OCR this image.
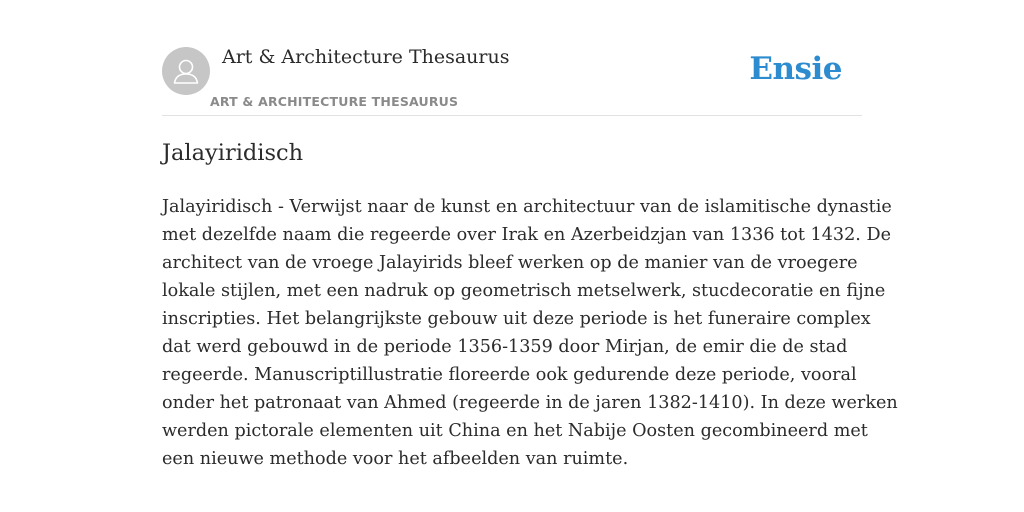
Art & Architecture Thesaurus
ART & ARCHITECTURE THESAURUS
Ensie
Jalayiridisch

Jalayiridisch - Verwijst naar de kunst en architectuur van de islamitische dynastie
met dezelfde naam die regeerde over Irak en Azerbeidzjan van 1336 tot 1432. De
architect van de vroege Jalayirids bleef werken op de manier van de vroegere
lokale stijlen, met een nadruk op geometrisch metselwerk, stucdecoratie en fijne
inscripties. Het belangrijkste gebouw uit deze periode is het funeraire complex
dat werd gebouwd in de periode 1356-1359 door Mirjan, de emir die de stad
regeerde. Manuscriptillustratie floreerde ook gedurende deze periode, vooral
onder het patronaat van Ahmed (regeerde in de jaren 1382-1410). In deze werken
werden pictorale elementen uit China en het Nabije Oosten gecombineerd met
een nieuwe methode voor het afbeelden van ruimte.
